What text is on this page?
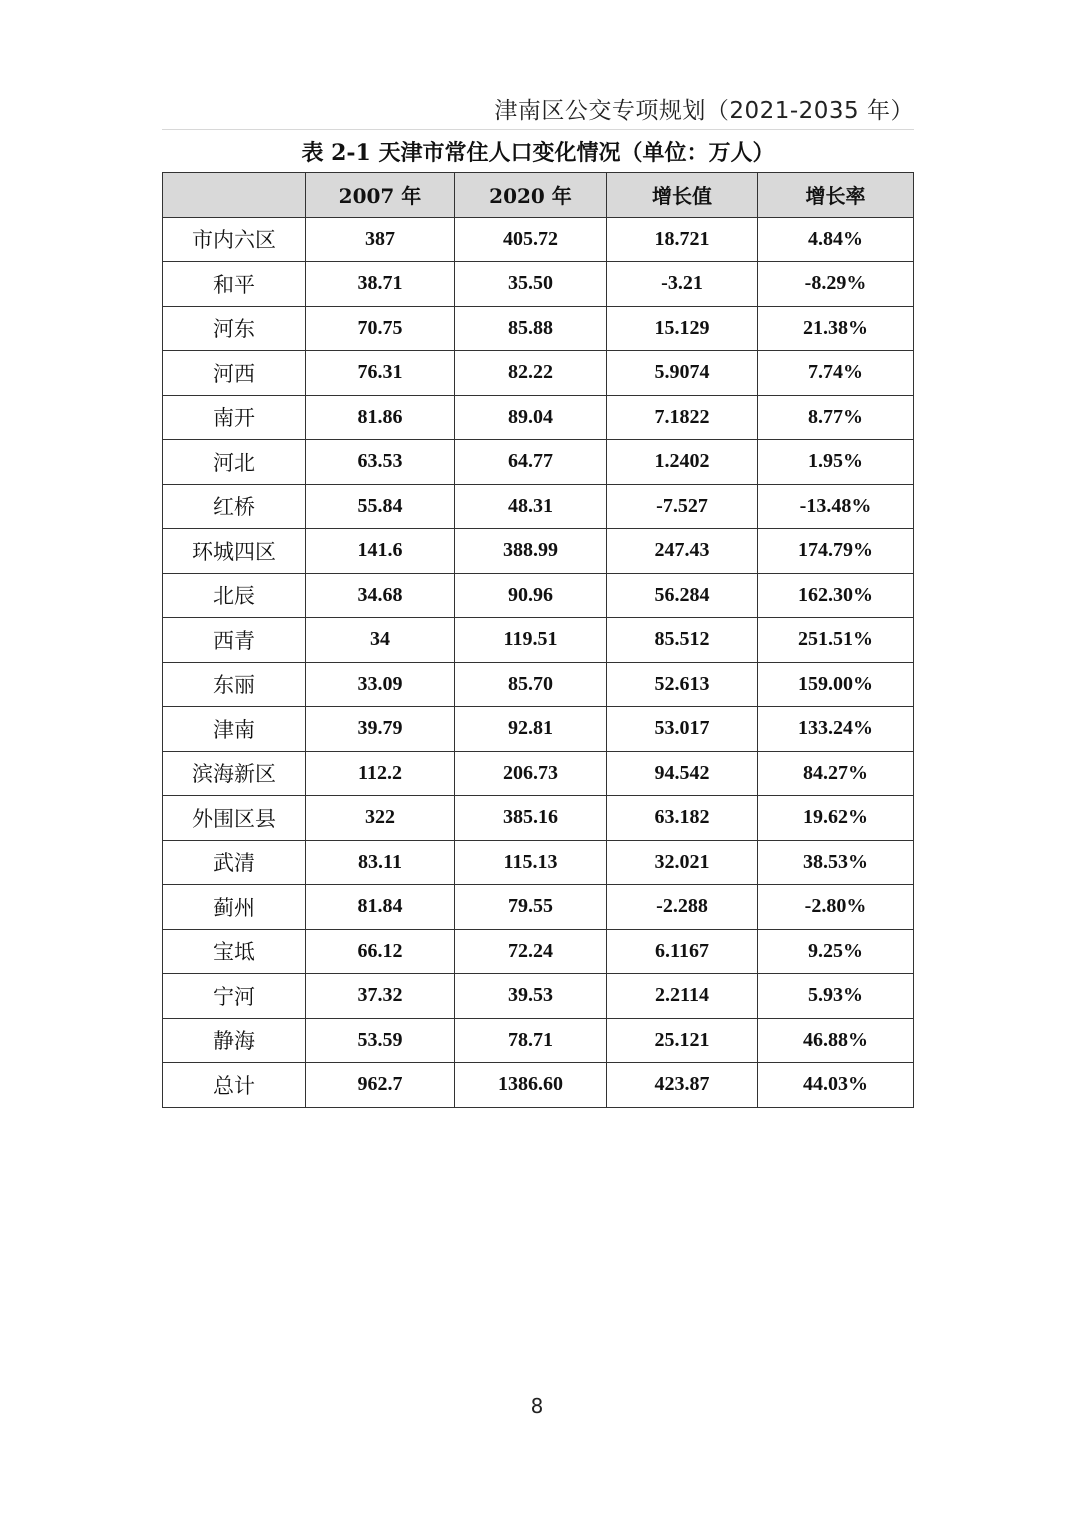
津南区公交专项规划（2021-2035 年）
表 2-1 天津市常住人口变化情况（单位：万人）
	2007 年	2020 年	增长值	增长率
市内六区	387	405.72	18.721	4.84%
和平	38.71	35.50	-3.21	-8.29%
河东	70.75	85.88	15.129	21.38%
河西	76.31	82.22	5.9074	7.74%
南开	81.86	89.04	7.1822	8.77%
河北	63.53	64.77	1.2402	1.95%
红桥	55.84	48.31	-7.527	-13.48%
环城四区	141.6	388.99	247.43	174.79%
北辰	34.68	90.96	56.284	162.30%
西青	34	119.51	85.512	251.51%
东丽	33.09	85.70	52.613	159.00%
津南	39.79	92.81	53.017	133.24%
滨海新区	112.2	206.73	94.542	84.27%
外围区县	322	385.16	63.182	19.62%
武清	83.11	115.13	32.021	38.53%
蓟州	81.84	79.55	-2.288	-2.80%
宝坻	66.12	72.24	6.1167	9.25%
宁河	37.32	39.53	2.2114	5.93%
静海	53.59	78.71	25.121	46.88%
总计	962.7	1386.60	423.87	44.03%
8
